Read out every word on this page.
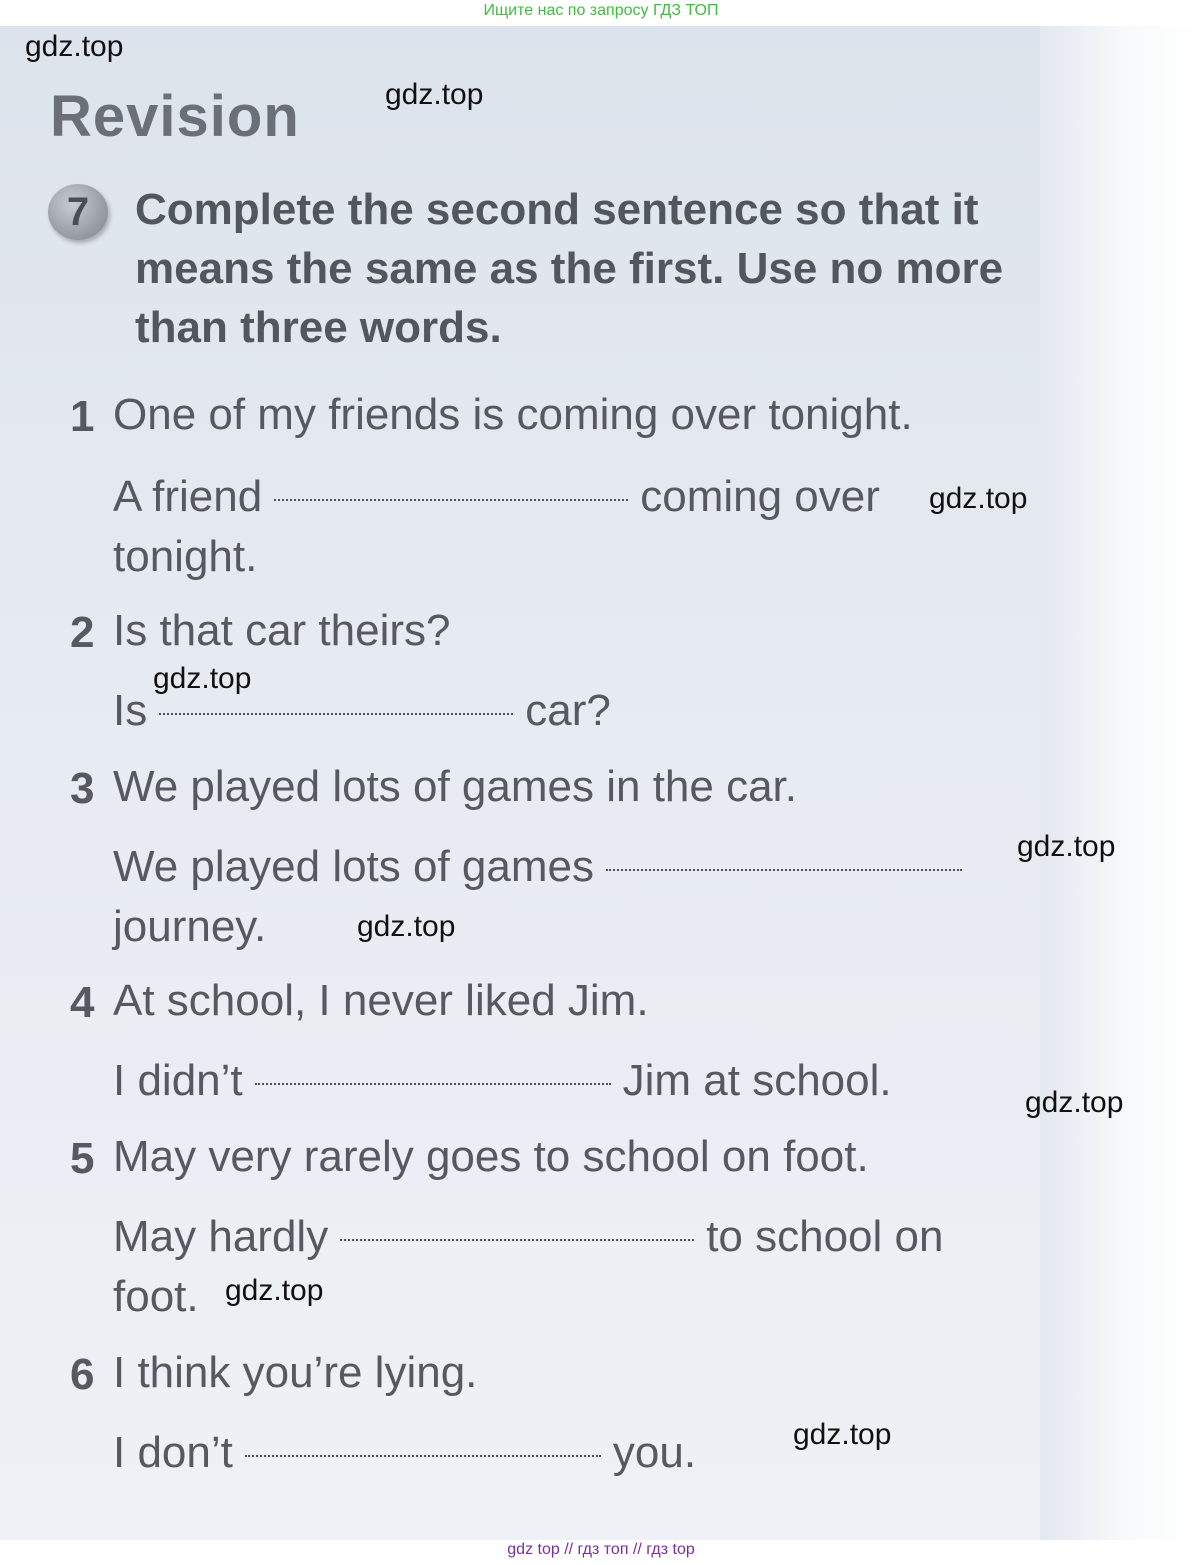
Ищите нас по запросу ГДЗ ТОП
Revision
7	Complete the second sentence so that it means the same as the first. Use no more than three words.
1 One of my friends is coming over tonight.
A friend	coming over
tonight.
2 Is that car theirs?
Is	car?
3 We played lots of games in the car.
We played lots of games
journey.
4 At school, I never liked Jim.
I didn’t	Jim at school.
5 May very rarely goes to school on foot.
May hardly	to school on
foot.
6 I think you’re lying.
I don’t	you.
gdz.top
gdz.top
gdz.top
gdz.top
gdz.top
gdz.top
gdz.top
gdz.top
gdz.top
gdz top // гдз топ // гдз top
